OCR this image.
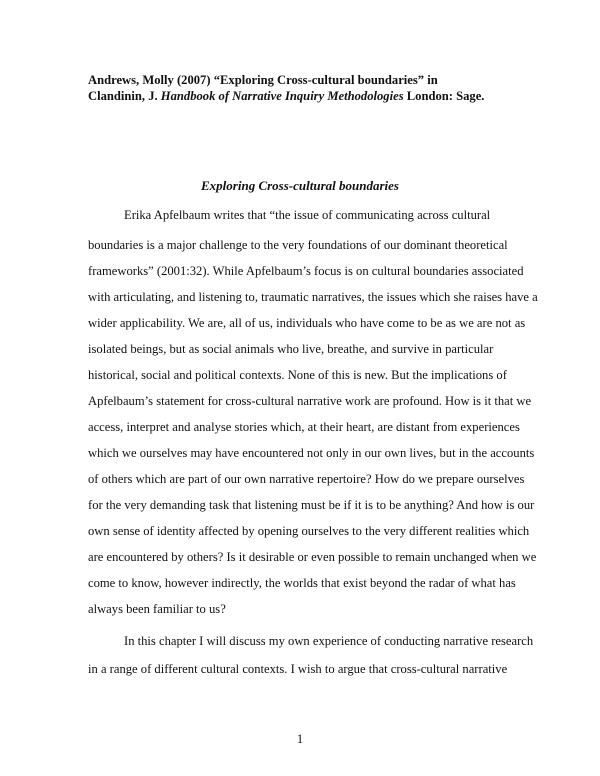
Andrews, Molly (2007) “Exploring Cross-cultural boundaries” in
Clandinin, J. Handbook of Narrative Inquiry Methodologies London: Sage.
Exploring Cross-cultural boundaries
Erika Apfelbaum writes that “the issue of communicating across cultural
boundaries is a major challenge to the very foundations of our dominant theoretical
frameworks” (2001:32). While Apfelbaum’s focus is on cultural boundaries associated
with articulating, and listening to, traumatic narratives, the issues which she raises have a
wider applicability. We are, all of us, individuals who have come to be as we are not as
isolated beings, but as social animals who live, breathe, and survive in particular
historical, social and political contexts. None of this is new. But the implications of
Apfelbaum’s statement for cross-cultural narrative work are profound. How is it that we
access, interpret and analyse stories which, at their heart, are distant from experiences
which we ourselves may have encountered not only in our own lives, but in the accounts
of others which are part of our own narrative repertoire? How do we prepare ourselves
for the very demanding task that listening must be if it is to be anything? And how is our
own sense of identity affected by opening ourselves to the very different realities which
are encountered by others? Is it desirable or even possible to remain unchanged when we
come to know, however indirectly, the worlds that exist beyond the radar of what has
always been familiar to us?
In this chapter I will discuss my own experience of conducting narrative research
in a range of different cultural contexts. I wish to argue that cross-cultural narrative
1
